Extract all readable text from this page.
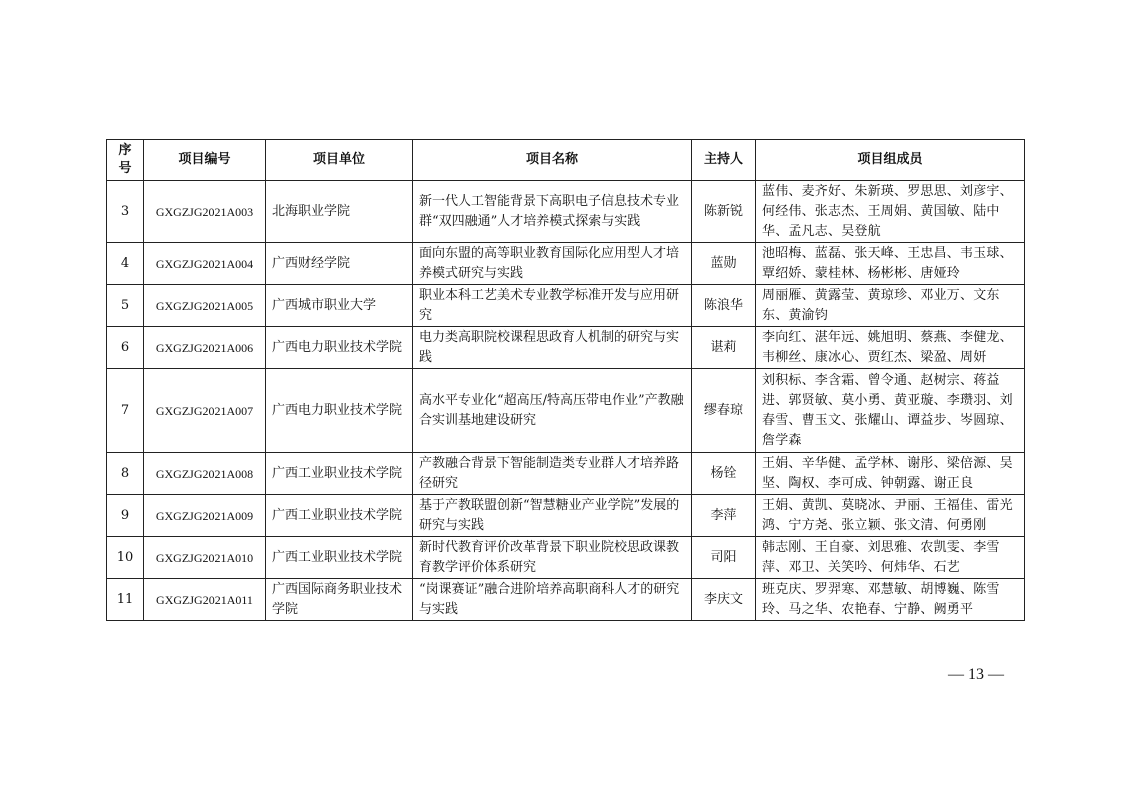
序
号	项目编号	项目单位	项目名称	主持人	项目组成员
3	GXGZJG2021A003	北海职业学院	新一代人工智能背景下高职电子信息技术专业群“双四融通”人才培养模式探索与实践	陈新锐	蓝伟、麦齐好、朱新瑛、罗思思、刘彦宇、何经伟、张志杰、王周娟、黄国敏、陆中华、孟凡志、吴登航
4	GXGZJG2021A004	广西财经学院	面向东盟的高等职业教育国际化应用型人才培养模式研究与实践	蓝勋	池昭梅、蓝磊、张天峰、王忠昌、韦玉球、覃绍娇、蒙桂林、杨彬彬、唐娅玲
5	GXGZJG2021A005	广西城市职业大学	职业本科工艺美术专业教学标准开发与应用研究	陈浪华	周丽雁、黄露莹、黄琼珍、邓业万、文东东、黄渝钧
6	GXGZJG2021A006	广西电力职业技术学院	电力类高职院校课程思政育人机制的研究与实践	谌莉	李向红、湛年远、姚旭明、蔡燕、李健龙、韦柳丝、康冰心、贾红杰、梁盈、周妍
7	GXGZJG2021A007	广西电力职业技术学院	高水平专业化“超高压/特高压带电作业”产教融合实训基地建设研究	缪春琼	刘积标、李含霜、曾令通、赵树宗、蒋益进、郭贤敏、莫小勇、黄亚璇、李瓒羽、刘春雪、曹玉文、张耀山、谭益步、岑圆琼、詹学森
8	GXGZJG2021A008	广西工业职业技术学院	产教融合背景下智能制造类专业群人才培养路径研究	杨铨	王娟、辛华健、孟学林、谢彤、梁倍源、吴坚、陶权、李可成、钟朝露、谢正良
9	GXGZJG2021A009	广西工业职业技术学院	基于产教联盟创新“智慧糖业产业学院”发展的研究与实践	李萍	王娟、黄凯、莫晓冰、尹丽、王福佳、雷光鸿、宁方尧、张立颖、张文清、何勇刚
10	GXGZJG2021A010	广西工业职业技术学院	新时代教育评价改革背景下职业院校思政课教育教学评价体系研究	司阳	韩志刚、王自豪、刘思雅、农凯雯、李雪萍、邓卫、关笑吟、何炜华、石艺
11	GXGZJG2021A011	广西国际商务职业技术学院	“岗课赛证”融合进阶培养高职商科人才的研究与实践	李庆文	班克庆、罗羿寒、邓慧敏、胡博巍、陈雪玲、马之华、农艳春、宁静、阙勇平
— 13 —
